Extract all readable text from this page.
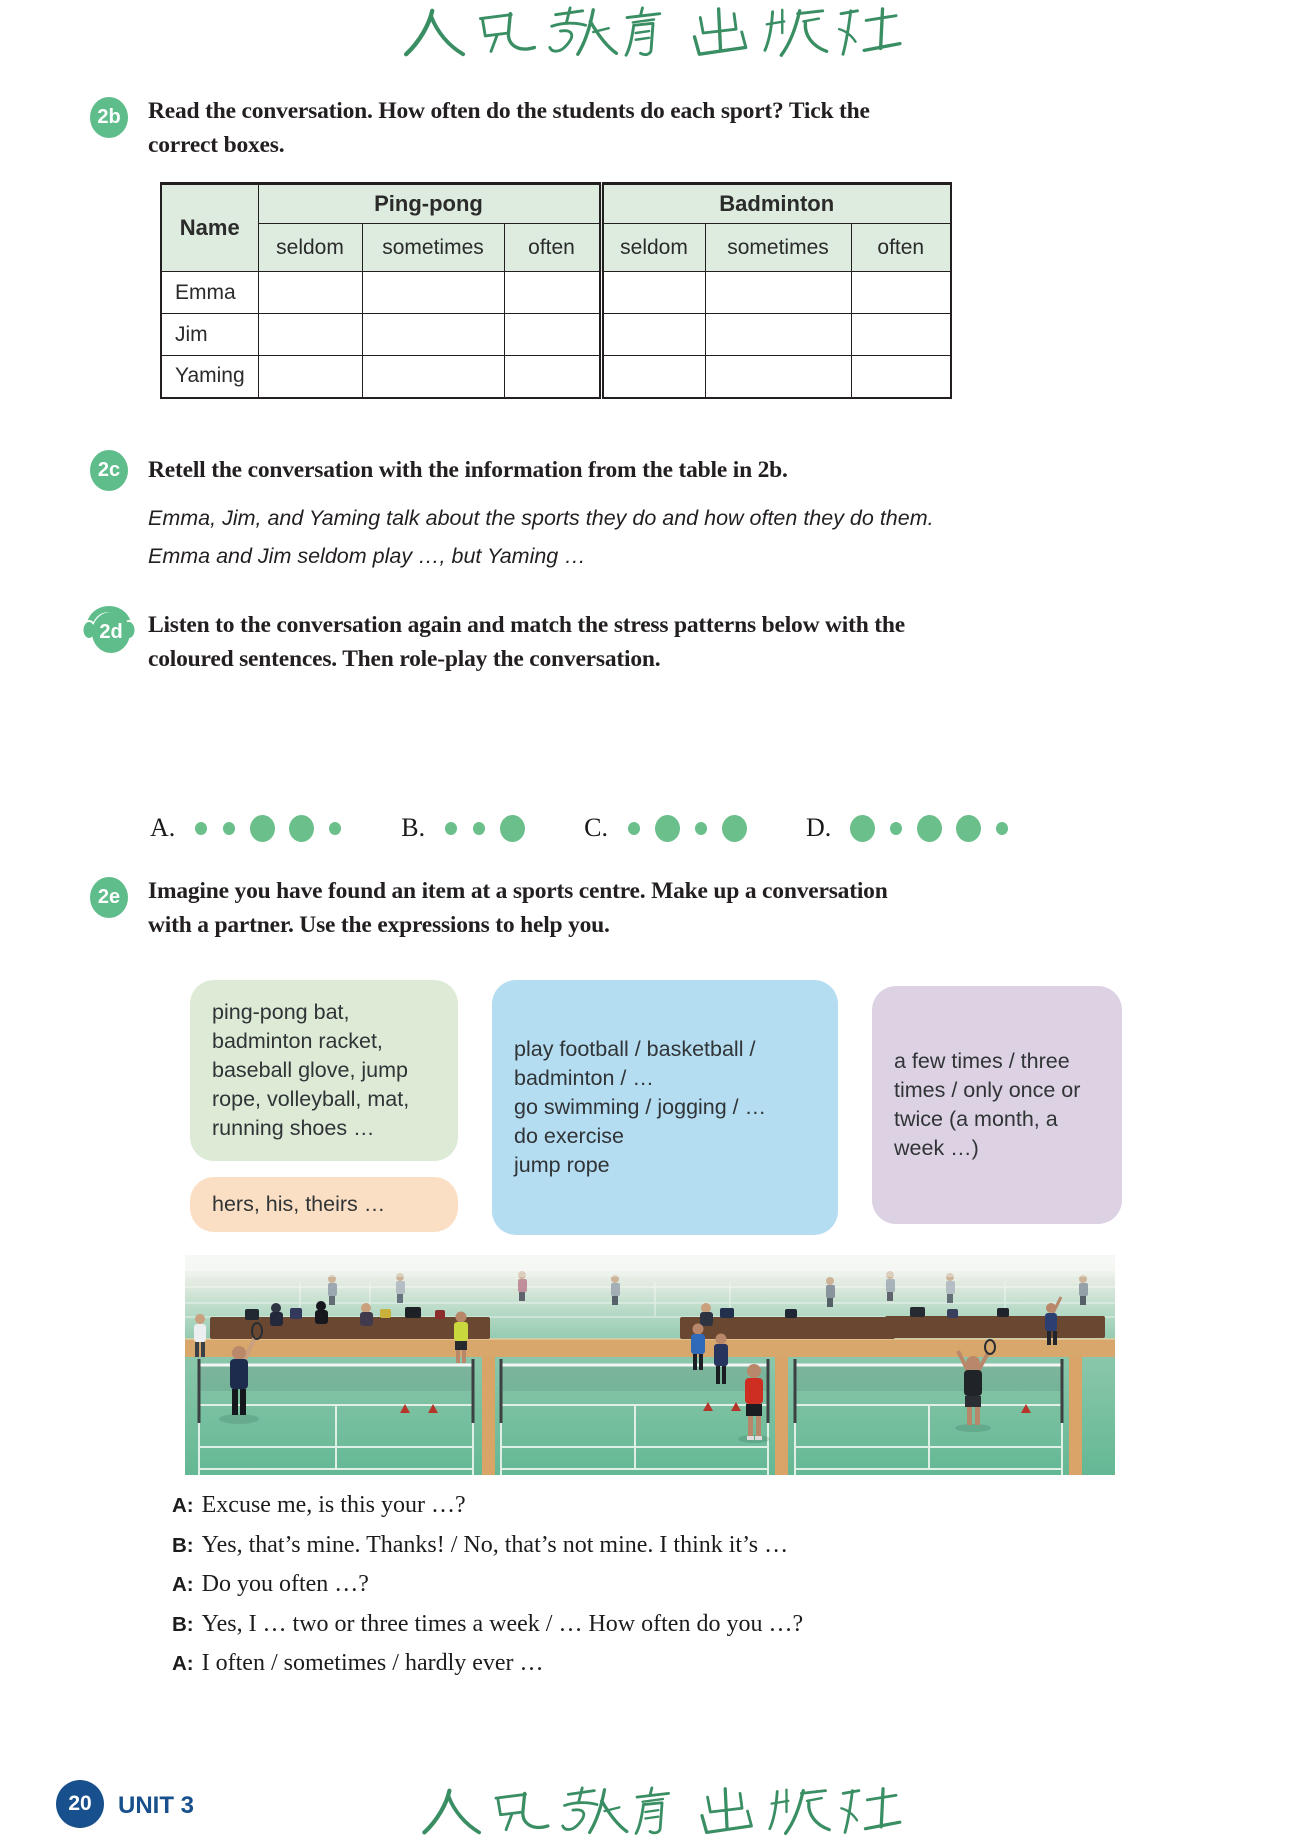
2b	Read the conversation. How often do the students do each sport? Tick the
correct boxes.
Name	Ping-pong			Badminton		
	seldom	sometimes	often	seldom	sometimes	often
Emma						
Jim						
Yaming						
2c	Retell the conversation with the information from the table in 2b.
Emma, Jim, and Yaming talk about the sports they do and how often they do them.
Emma and Jim seldom play …, but Yaming …
2d	Listen to the conversation again and match the stress patterns below with the
coloured sentences. Then role-play the conversation.
A.	B.	C.	D.
2e	Imagine you have found an item at a sports centre. Make up a conversation
with a partner. Use the expressions to help you.
ping-pong bat, badminton racket, baseball glove, jump rope, volleyball, mat, running shoes …
hers, his, theirs …
play football / basketball / badminton / …
go swimming / jogging / …
do exercise
jump rope
a few times / three times / only once or twice (a month, a week …)
A: Excuse me, is this your …?
B: Yes, that’s mine. Thanks! / No, that’s not mine. I think it’s …
A: Do you often …?
B: Yes, I … two or three times a week / … How often do you …?
A: I often / sometimes / hardly ever …
20	UNIT 3
